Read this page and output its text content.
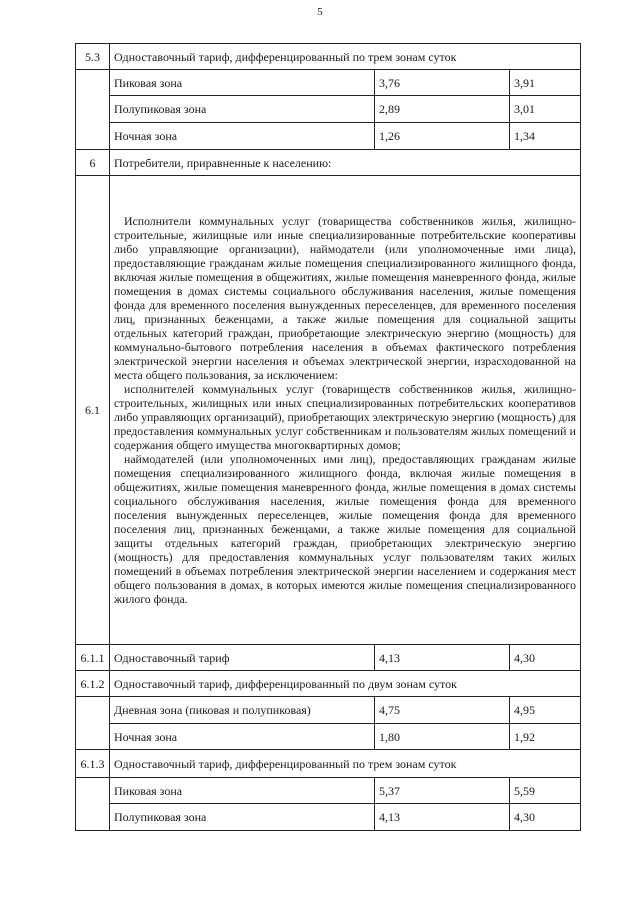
5
5.3	Одноставочный тариф, дифференцированный по трем зонам суток		
	Пиковая зона	3,76	3,91
	Полупиковая зона	2,89	3,01
	Ночная зона	1,26	1,34
6	Потребители, приравненные к населению:		
6.1	Исполнители коммунальных услуг (товарищества собственников жилья, жилищно-строительные, жилищные или иные специализированные потребительские кооперативы либо управляющие организации), наймодатели (или уполномоченные ими лица), предоставляющие гражданам жилые помещения специализированного жилищного фонда, включая жилые помещения в общежитиях, жилые помещения маневренного фонда, жилые помещения в домах системы социального обслуживания населения, жилые помещения фонда для временного поселения вынужденных переселенцев, для временного поселения лиц, признанных беженцами, а также жилые помещения для социальной защиты отдельных категорий граждан, приобретающие электрическую энергию (мощность) для коммунально-бытового потребления населения в объемах фактического потребления электрической энергии населения и объемах электрической энергии, израсходованной на места общего пользования, за исключением:

исполнителей коммунальных услуг (товариществ собственников жилья, жилищно-строительных, жилищных или иных специализированных потребительских кооперативов либо управляющих организаций), приобретающих электрическую энергию (мощность) для предоставления коммунальных услуг собственникам и пользователям жилых помещений и содержания общего имущества многоквартирных домов;

наймодателей (или уполномоченных ими лиц), предоставляющих гражданам жилые помещения специализированного жилищного фонда, включая жилые помещения в общежитиях, жилые помещения маневренного фонда, жилые помещения в домах системы социального обслуживания населения, жилые помещения фонда для временного поселения вынужденных переселенцев, жилые помещения фонда для временного поселения лиц, признанных беженцами, а также жилые помещения для социальной защиты отдельных категорий граждан, приобретающих электрическую энергию (мощность) для предоставления коммунальных услуг пользователям таких жилых помещений в объемах потребления электрической энергии населением и содержания мест общего пользования в домах, в которых имеются жилые помещения специализированного жилого фонда.		

6.1.1	Одноставочный тариф	4,13	4,30
6.1.2	Одноставочный тариф, дифференцированный по двум зонам суток		
	Дневная зона (пиковая и полупиковая)	4,75	4,95
	Ночная зона	1,80	1,92
6.1.3	Одноставочный тариф, дифференцированный по трем зонам суток		
	Пиковая зона	5,37	5,59
	Полупиковая зона	4,13	4,30
